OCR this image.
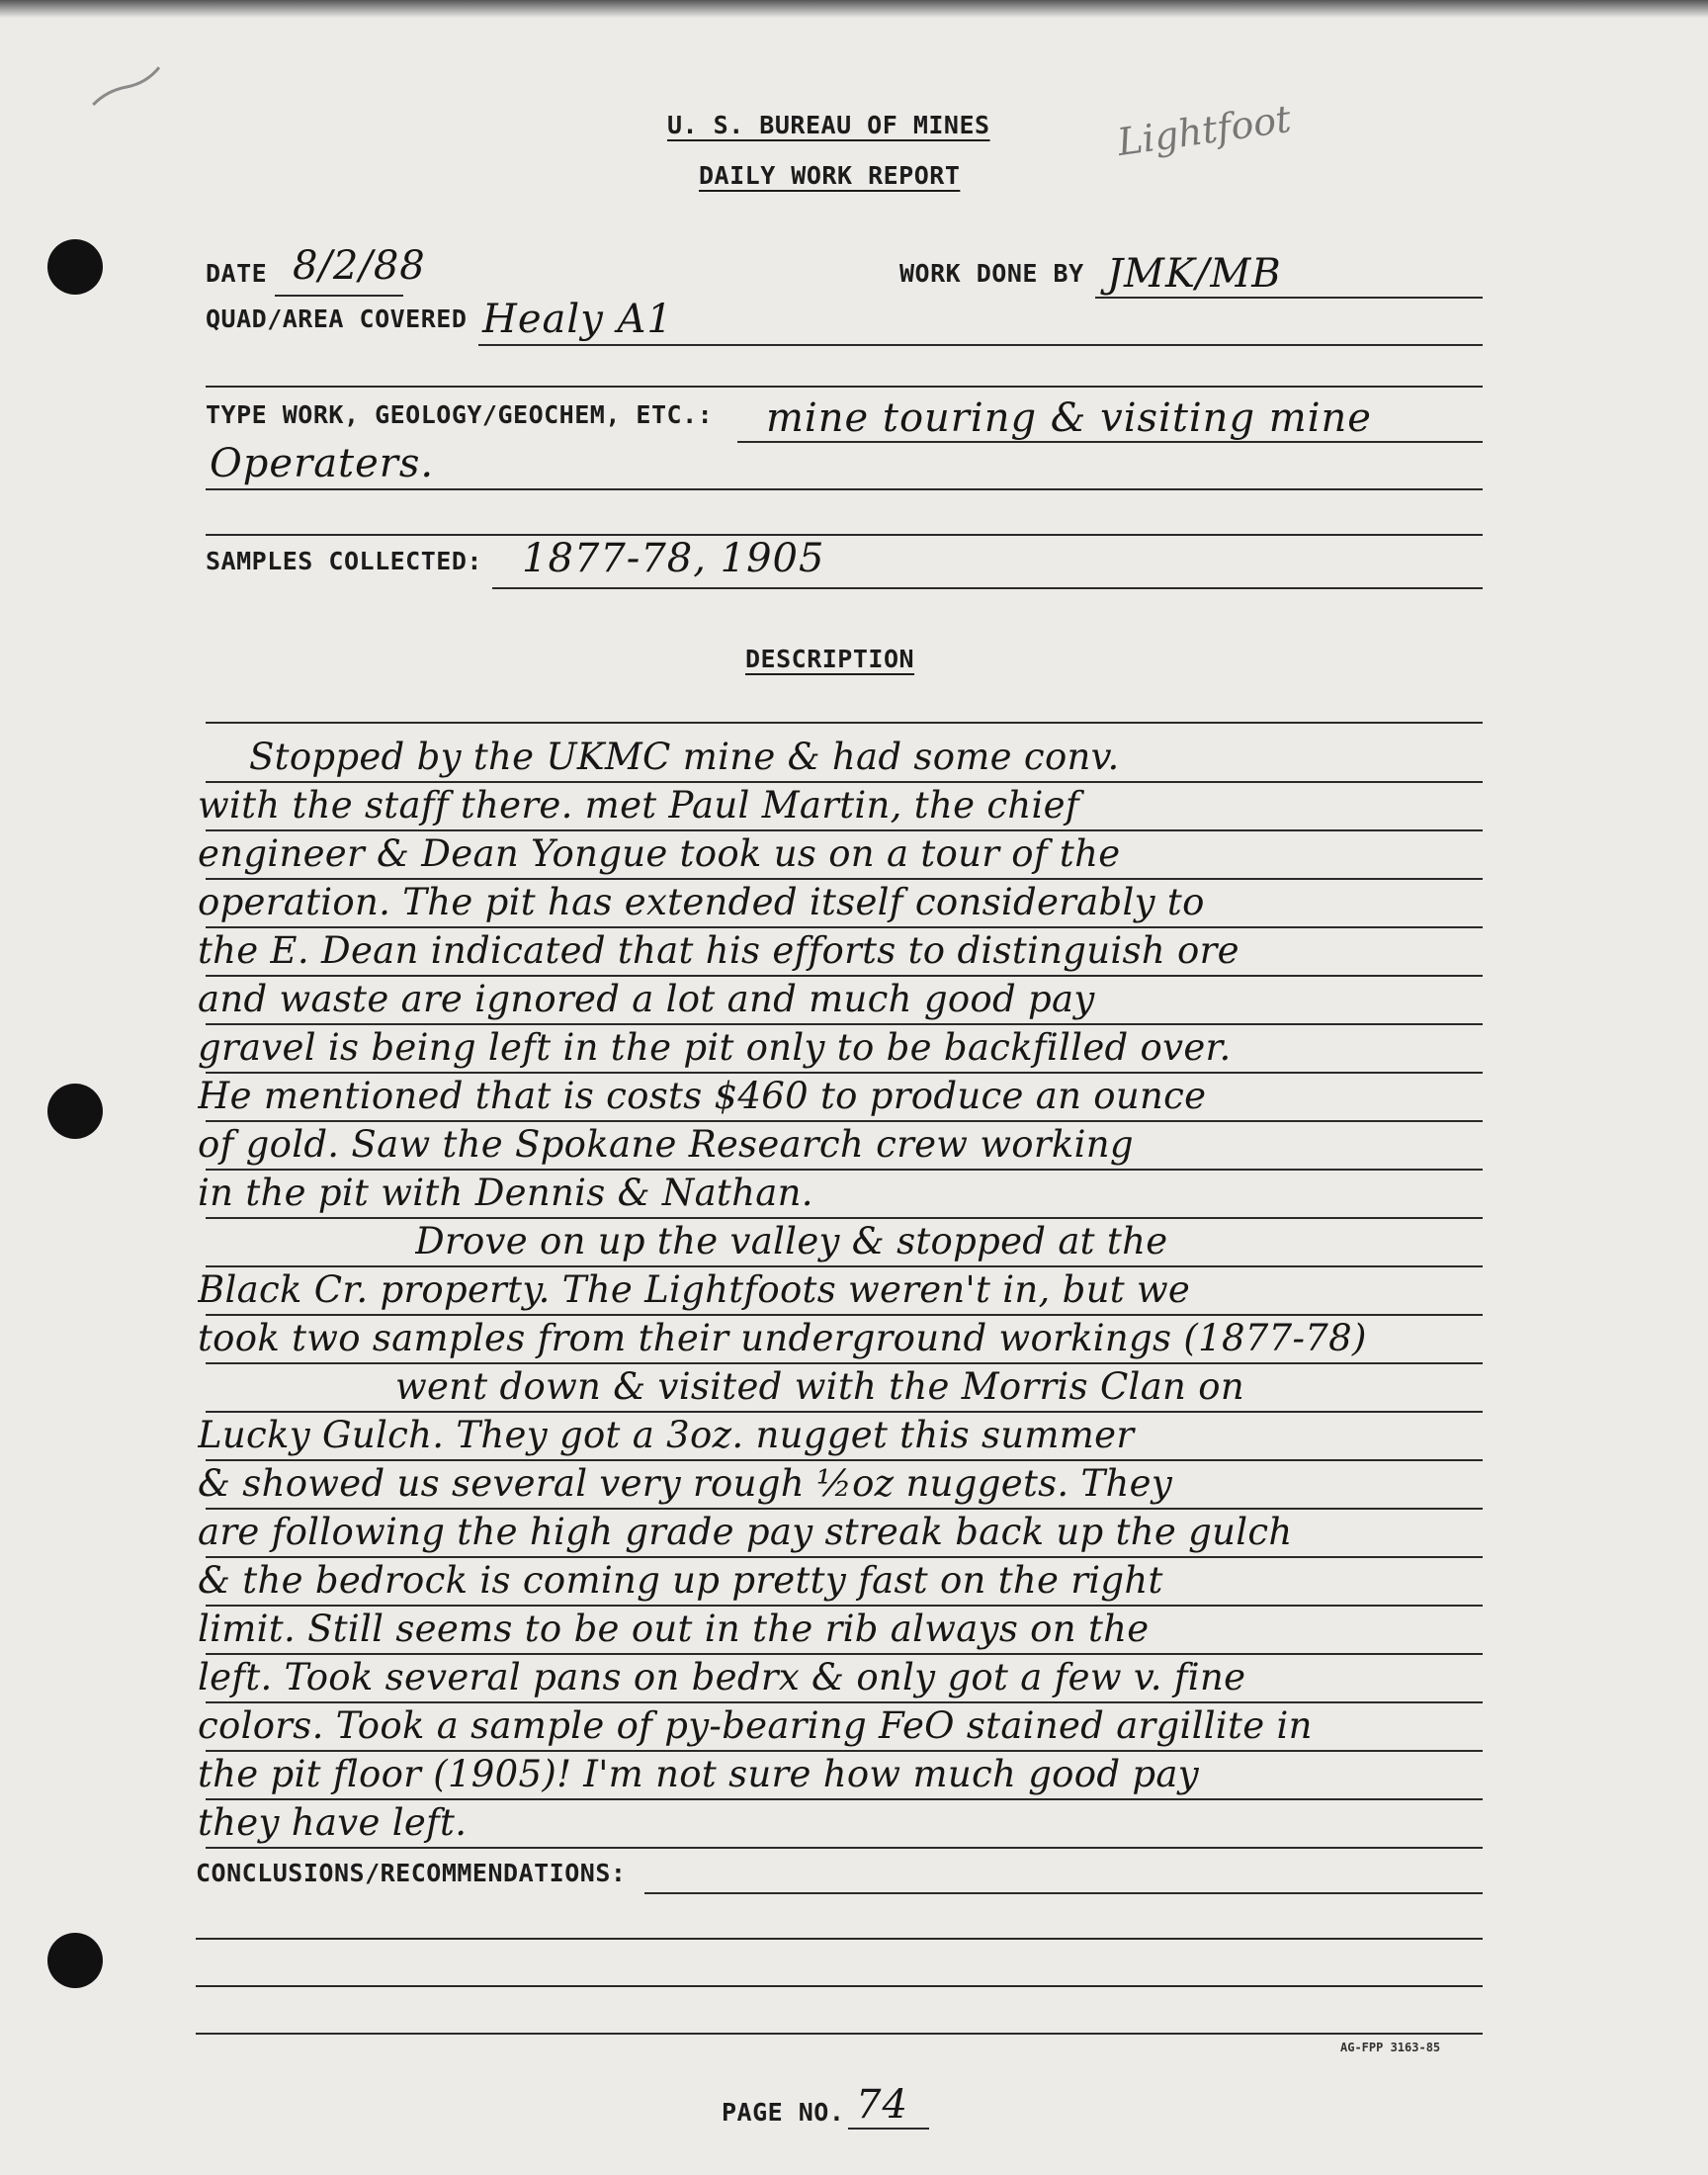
U. S. BUREAU OF MINES
DAILY WORK REPORT
Lightfoot
DATE 8/2/88	WORK DONE BY JMK/MB
QUAD/AREA COVERED Healy A1
TYPE WORK, GEOLOGY/GEOCHEM, ETC.: mine touring & visiting mine
Operaters.
SAMPLES COLLECTED: 1877-78, 1905
DESCRIPTION
Stopped by the UKMC mine & had some conv.
with the staff there. met Paul Martin, the chief
engineer & Dean Yongue took us on a tour of the
operation. The pit has extended itself considerably to
the E. Dean indicated that his efforts to distinguish ore
and waste are ignored a lot and much good pay
gravel is being left in the pit only to be backfilled over.
He mentioned that is costs $460 to produce an ounce
of gold. Saw the Spokane Research crew working
in the pit with Dennis & Nathan.
Drove on up the valley & stopped at the
Black Cr. property. The Lightfoots weren't in, but we
took two samples from their underground workings (1877-78)
went down & visited with the Morris Clan on
Lucky Gulch. They got a 3oz. nugget this summer
& showed us several very rough ½oz nuggets. They
are following the high grade pay streak back up the gulch
& the bedrock is coming up pretty fast on the right
limit. Still seems to be out in the rib always on the
left. Took several pans on bedrx & only got a few v. fine
colors. Took a sample of py-bearing FeO stained argillite in
the pit floor (1905)! I'm not sure how much good pay
they have left.
CONCLUSIONS/RECOMMENDATIONS:
AG-FPP 3163-85
PAGE NO. 74
